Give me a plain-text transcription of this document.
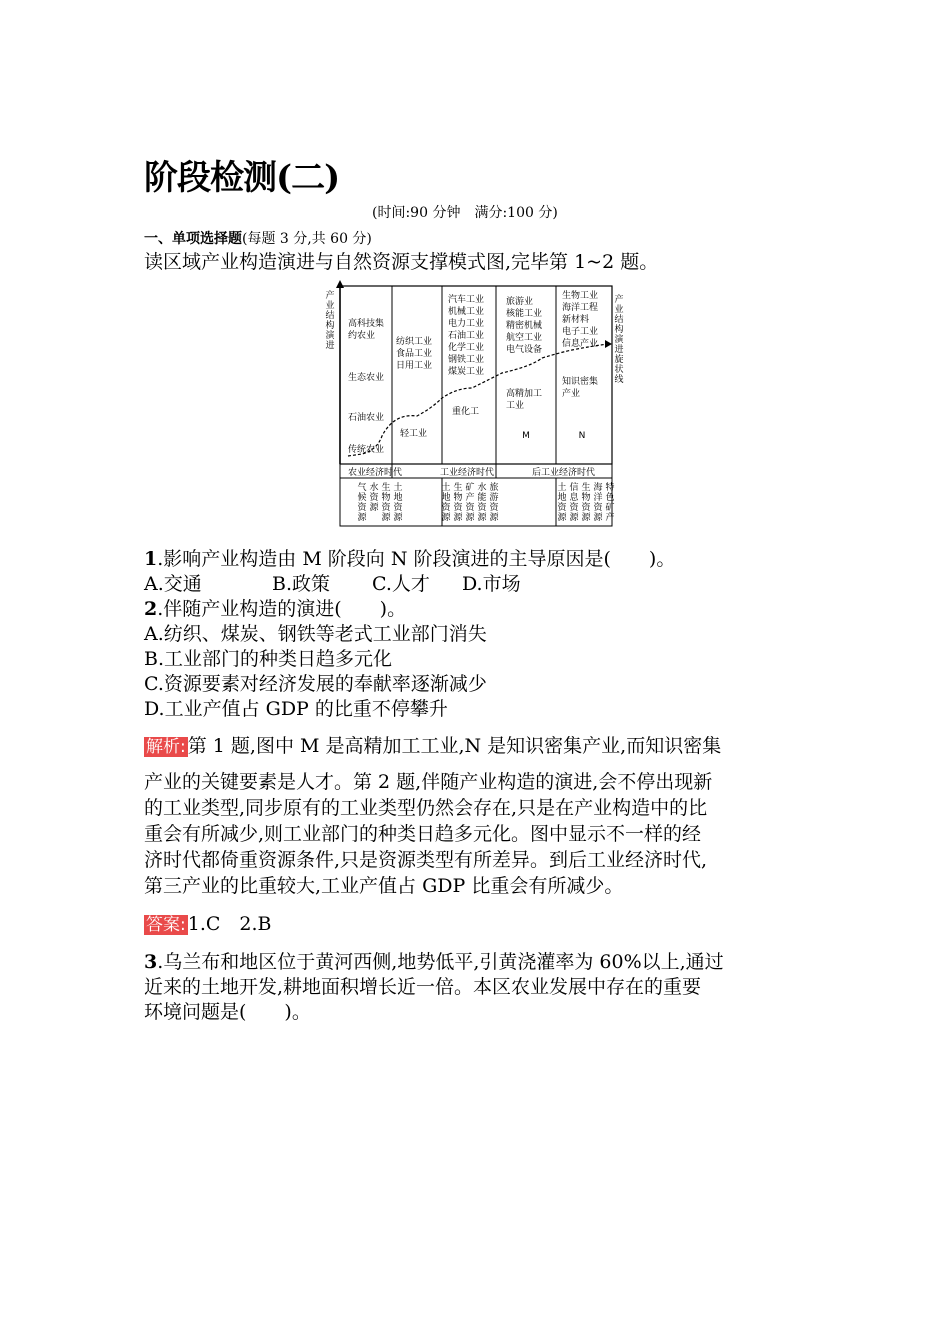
阶段检测(二)
(时间:90 分钟　满分:100 分)
一、单项选择题(每题 3 分,共 60 分)
读区域产业构造演进与自然资源支撑模式图,完毕第 1~2 题。
产
业
结
构
演
进
产
业
结
构
演
进
旋
状
线
高科技集
约农业
生态农业
石油农业
传统农业
纺织工业
食品工业
日用工业
轻工业
汽车工业
机械工业
电力工业
石油工业
化学工业
钢铁工业
煤炭工业
重化工
旅游业
核能工业
精密机械
航空工业
电气设备
高精加工
工业
M
生物工业
海洋工程
新材料
电子工业
信息产业
知识密集
产业
N
农业经济时代	工业经济时代	后工业经济时代
气
候
资
源
水
资
源
生
物
资
源
土
地
资
源
土
地
资
源
生
物
资
源
矿
产
资
源
水
能
资
源
旅
游
资
源
土
地
资
源
信
息
资
源
生
物
资
源
海
洋
资
源
特
色
矿
产
1.影响产业构造由 M 阶段向 N 阶段演进的主导原因是(　　)。
A.交通	B.政策 C.人才 D.市场
2.伴随产业构造的演进(　　)。
A.纺织、煤炭、钢铁等老式工业部门消失
B.工业部门的种类日趋多元化
C.资源要素对经济发展的奉献率逐渐减少
D.工业产值占 GDP 的比重不停攀升
解析: 第 1 题,图中 M 是高精加工工业,N 是知识密集产业,而知识密集
产业的关键要素是人才。第 2 题,伴随产业构造的演进,会不停出现新
的工业类型,同步原有的工业类型仍然会存在,只是在产业构造中的比
重会有所减少,则工业部门的种类日趋多元化。图中显示不一样的经
济时代都倚重资源条件,只是资源类型有所差异。到后工业经济时代,
第三产业的比重较大,工业产值占 GDP 比重会有所减少。
答案: 1.C　2.B
3.乌兰布和地区位于黄河西侧,地势低平,引黄浇灌率为 60%以上,通过
近来的土地开发,耕地面积增长近一倍。本区农业发展中存在的重要
环境问题是(　　)。
